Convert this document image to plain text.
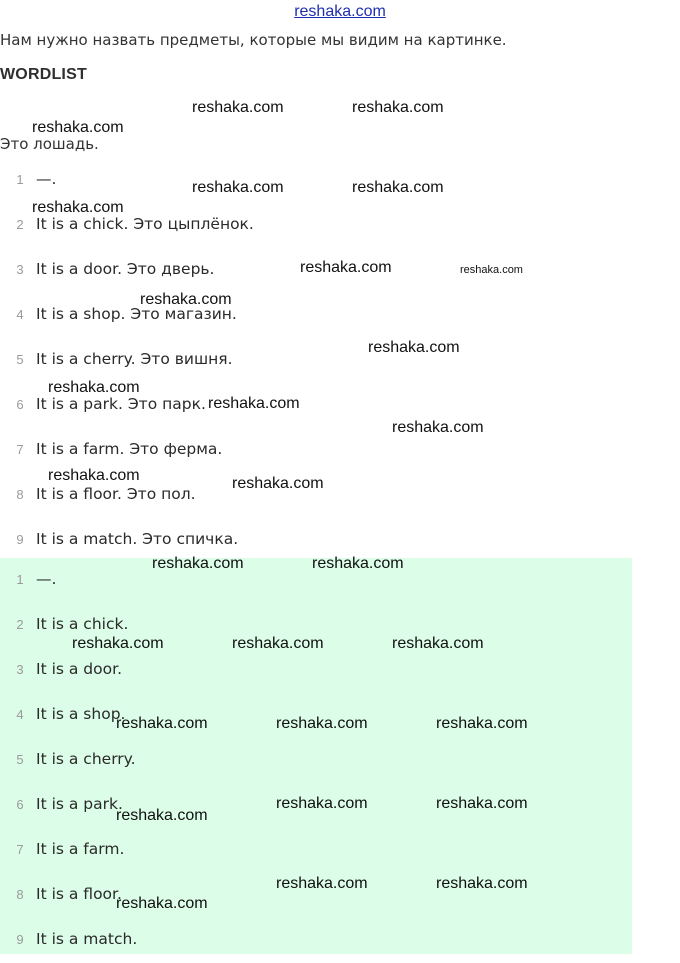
reshaka.com
Нам нужно назвать предметы, которые мы видим на картинке.
WORDLIST
Это лошадь.
1 —.
2 It is a chick. Это цыплёнок.
3 It is a door. Это дверь.
4 It is a shop. Это магазин.
5 It is a cherry. Это вишня.
6 It is a park. Это парк.
7 It is a farm. Это ферма.
8 It is a floor. Это пол.
9 It is a match. Это спичка.
1 —.
2 It is a chick.
3 It is a door.
4 It is a shop.
5 It is a cherry.
6 It is a park.
7 It is a farm.
8 It is a floor.
9 It is a match.
reshaka.com	reshaka.com
reshaka.com
reshaka.com	reshaka.com
reshaka.com
reshaka.com	reshaka.com
reshaka.com
reshaka.com
reshaka.com
reshaka.com
reshaka.com
reshaka.com	reshaka.com
reshaka.com	reshaka.com
reshaka.com	reshaka.com	reshaka.com
reshaka.com	reshaka.com	reshaka.com
reshaka.com	reshaka.com
reshaka.com
reshaka.com	reshaka.com
reshaka.com
